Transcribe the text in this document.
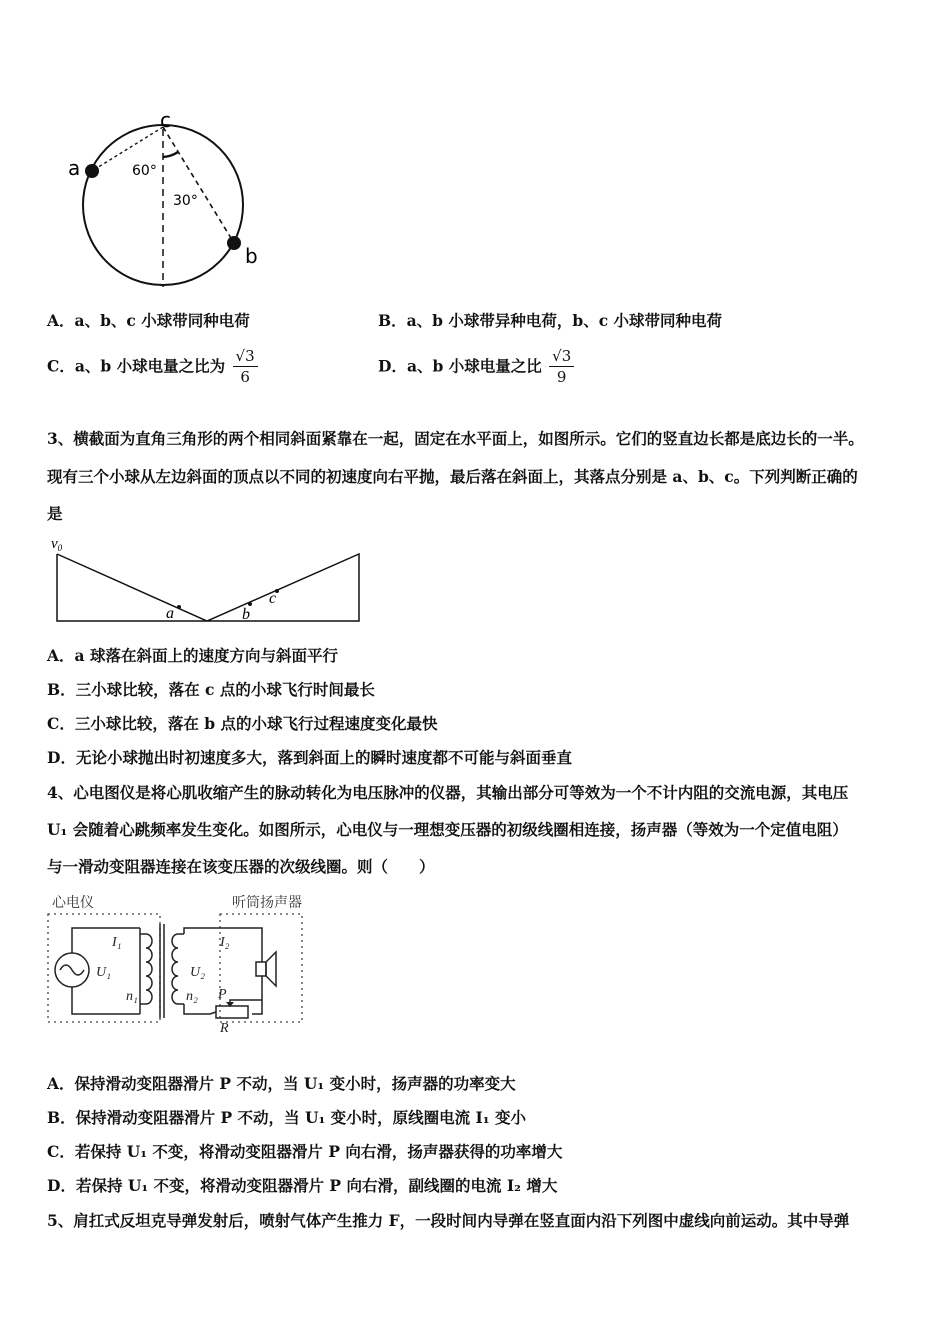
a
b
c
60°
30°
A．a、b、c 小球带同种电荷	B．a、b 小球带异种电荷，b、c 小球带同种电荷
C．a、b 小球电量之比为 $\frac{√3}{6}$	D．a、b 小球电量之比 $\frac{√3}{9}$
3、横截面为直角三角形的两个相同斜面紧靠在一起，固定在水平面上，如图所示。它们的竖直边长都是底边长的一半。
现有三个小球从左边斜面的顶点以不同的初速度向右平抛，最后落在斜面上，其落点分别是 a、b、c。下列判断正确的
是
$v_0$
a	b
c
A．a 球落在斜面上的速度方向与斜面平行
B．三小球比较，落在 c 点的小球飞行时间最长
C．三小球比较，落在 b 点的小球飞行过程速度变化最快
D．无论小球抛出时初速度多大，落到斜面上的瞬时速度都不可能与斜面垂直
4、心电图仪是将心肌收缩产生的脉动转化为电压脉冲的仪器，其输出部分可等效为一个不计内阻的交流电源，其电压
U₁ 会随着心跳频率发生变化。如图所示，心电仪与一理想变压器的初级线圈相连接，扬声器（等效为一个定值电阻）
与一滑动变阻器连接在该变压器的次级线圈。则（　　）
心电仪	听筒扬声器
I₁
U₁
n₁
I₂
U₂
n₂ P
R
A．保持滑动变阻器滑片 P 不动，当 U₁ 变小时，扬声器的功率变大
B．保持滑动变阻器滑片 P 不动，当 U₁ 变小时，原线圈电流 I₁ 变小
C．若保持 U₁ 不变，将滑动变阻器滑片 P 向右滑，扬声器获得的功率增大
D．若保持 U₁ 不变，将滑动变阻器滑片 P 向右滑，副线圈的电流 I₂ 增大
5、肩扛式反坦克导弹发射后，喷射气体产生推力 F，一段时间内导弹在竖直面内沿下列图中虚线向前运动。其中导弹
